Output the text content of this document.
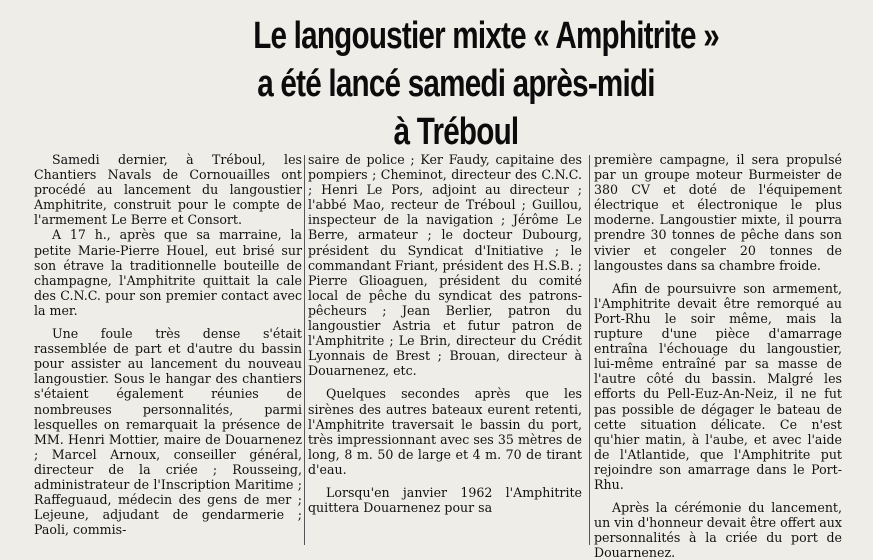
Le langoustier mixte « Amphitrite »
a été lancé samedi après-midi
à Tréboul

Samedi dernier, à Tréboul, les Chantiers Navals de Cornouailles ont procédé au lancement du langoustier Amphitrite, construit pour le compte de l'armement Le Berre et Consort.

A 17 h., après que sa marraine, la petite Marie-Pierre Houel, eut brisé sur son étrave la traditionnelle bouteille de champagne, l'Amphitrite quittait la cale des C.N.C. pour son premier contact avec la mer.

Une foule très dense s'était rassemblée de part et d'autre du bassin pour assister au lancement du nouveau langoustier. Sous le hangar des chantiers s'étaient également réunies de nombreuses personnalités, parmi lesquelles on remarquait la présence de MM. Henri Mottier, maire de Douarnenez ; Marcel Arnoux, conseiller général, directeur de la criée ; Rousseing, administrateur de l'Inscription Maritime ; Raffeguaud, médecin des gens de mer ; Lejeune, adjudant de gendarmerie ; Paoli, commis-

saire de police ; Ker Faudy, capitaine des pompiers ; Cheminot, directeur des C.N.C. ; Henri Le Pors, adjoint au directeur ; l'abbé Mao, recteur de Tréboul ; Guillou, inspecteur de la navigation ; Jérôme Le Berre, armateur ; le docteur Dubourg, président du Syndicat d'Initiative ; le commandant Friant, président des H.S.B. ; Pierre Glioaguen, président du comité local de pêche du syndicat des patrons-pêcheurs ; Jean Berlier, patron du langoustier Astria et futur patron de l'Amphitrite ; Le Brin, directeur du Crédit Lyonnais de Brest ; Brouan, directeur à Douarnenez, etc.

Quelques secondes après que les sirènes des autres bateaux eurent retenti, l'Amphitrite traversait le bassin du port, très impressionnant avec ses 35 mètres de long, 8 m. 50 de large et 4 m. 70 de tirant d'eau.

Lorsqu'en janvier 1962 l'Amphitrite quittera Douarnenez pour sa

première campagne, il sera propulsé par un groupe moteur Burmeister de 380 CV et doté de l'équipement électrique et électronique le plus moderne. Langoustier mixte, il pourra prendre 30 tonnes de pêche dans son vivier et congeler 20 tonnes de langoustes dans sa chambre froide.

Afin de poursuivre son armement, l'Amphitrite devait être remorqué au Port-Rhu le soir même, mais la rupture d'une pièce d'amarrage entraîna l'échouage du langoustier, lui-même entraîné par sa masse de l'autre côté du bassin. Malgré les efforts du Pell-Euz-An-Neiz, il ne fut pas possible de dégager le bateau de cette situation délicate. Ce n'est qu'hier matin, à l'aube, et avec l'aide de l'Atlantide, que l'Amphitrite put rejoindre son amarrage dans le Port-Rhu.

Après la cérémonie du lancement, un vin d'honneur devait être offert aux personnalités à la criée du port de Douarnenez.
